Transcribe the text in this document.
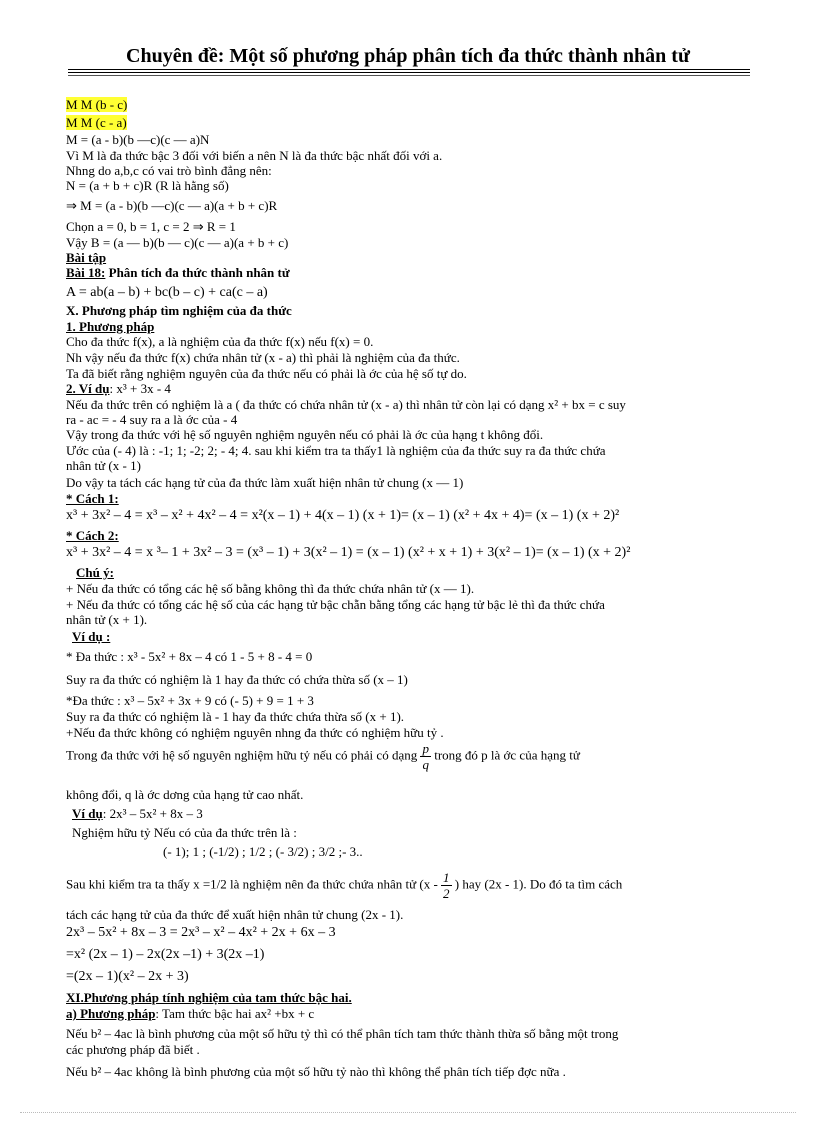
Chuyên đề: Một số phương pháp phân tích đa thức thành nhân tử
M M (b - c)
M M (c - a)
M = (a - b)(b —c)(c — a)N
Vì M là đa thức bậc 3 đối với biến a nên N là đa thức bậc nhất đối với a.
Nhng do a,b,c có vai trò bình đẳng nên:
N = (a + b + c)R (R là hằng số)
⇒ M = (a - b)(b —c)(c — a)(a + b + c)R
Chọn a = 0, b = 1, c = 2 ⇒ R = 1
Vậy B = (a — b)(b — c)(c — a)(a + b + c)
Bài tập
Bài 18: Phân tích đa thức thành nhân tử
A = ab(a – b) + bc(b – c) + ca(c – a)
X. Phương pháp tìm nghiệm của đa thức
1. Phương pháp
Cho đa thức f(x), a là nghiệm của đa thức f(x) nếu f(x) = 0.
Nh vậy nếu đa thức f(x) chứa nhân tử (x - a) thì phải là nghiệm của đa thức.
Ta đã biết rằng nghiệm nguyên của đa thức nếu có phải là ớc của hệ số tự do.
2. Ví dụ: x³ + 3x - 4
Nếu đa thức trên có nghiệm là a ( đa thức có chứa nhân tử (x - a) thì nhân tử còn lại có dạng x² + bx = c suy
ra - ac = - 4 suy ra a là ớc của - 4
Vậy trong đa thức với hệ số nguyên nghiệm nguyên nếu có phải là ớc của hạng t không đổi.
Ước của (- 4) là : -1; 1; -2; 2; - 4; 4. sau khi kiểm tra ta thấy1 là nghiệm của đa thức suy ra đa thức chứa
nhân tử (x - 1)
Do vậy ta tách các hạng tử của đa thức làm xuất hiện nhân tử chung (x — 1)
* Cách 1:
x³ + 3x² – 4 = x³ – x² + 4x² – 4 = x²(x – 1) + 4(x – 1) (x + 1)= (x – 1) (x² + 4x + 4)= (x – 1) (x + 2)²
* Cách 2:
x³ + 3x² – 4 = x ³– 1 + 3x² – 3 = (x³ – 1) + 3(x² – 1) = (x – 1) (x² + x + 1) + 3(x² – 1)= (x – 1) (x + 2)²
Chú ý:
+ Nếu đa thức có tổng các hệ số bằng không thì đa thức chứa nhân tử (x — 1).
+ Nếu đa thức có tổng các hệ số của các hạng tử bậc chẵn bằng tổng các hạng tử bậc lẻ thì đa thức chứa
nhân tử (x + 1).
Ví dụ :
* Đa thức : x³ - 5x² + 8x – 4 có 1 - 5 + 8 - 4 = 0
Suy ra đa thức có nghiệm là 1 hay đa thức có chứa thừa số (x – 1)
*Đa thức : x³ – 5x² + 3x + 9 có (- 5) + 9 = 1 + 3
Suy ra đa thức có nghiệm là - 1 hay đa thức chứa thừa số (x + 1).
+Nếu đa thức không có nghiệm nguyên nhng đa thức có nghiệm hữu tỷ .
Trong đa thức với hệ số nguyên nghiệm hữu tỷ nếu có phải có dạng $\frac{p}{q}$ trong đó p là ớc của hạng tử
không đổi, q là ớc dơng của hạng tử cao nhất.
Ví dụ: 2x³ – 5x² + 8x – 3
Nghiệm hữu tỷ Nếu có của đa thức trên là :
(- 1); 1 ; (-1/2) ; 1/2 ; (- 3/2) ; 3/2 ;- 3..
Sau khi kiểm tra ta thấy x =1/2 là nghiệm nên đa thức chứa nhân tử ($x - \frac{1}{2}$ ) hay (2x - 1). Do đó ta tìm cách
tách các hạng tử của đa thức để xuất hiện nhân tử chung (2x - 1).
2x³ – 5x² + 8x – 3 = 2x³ – x² – 4x² + 2x + 6x – 3
=x² (2x – 1) – 2x(2x –1) + 3(2x –1)
=(2x – 1)(x² – 2x + 3)
XI.Phương pháp tính nghiệm của tam thức bậc hai.
a) Phương pháp: Tam thức bậc hai ax² +bx + c
Nếu b² – 4ac là bình phương của một số hữu tỷ thì có thể phân tích tam thức thành thừa số bằng một trong
các phương pháp đã biết .
Nếu b² – 4ac không là bình phương của một số hữu tỷ nào thì không thể phân tích tiếp đợc nữa .
